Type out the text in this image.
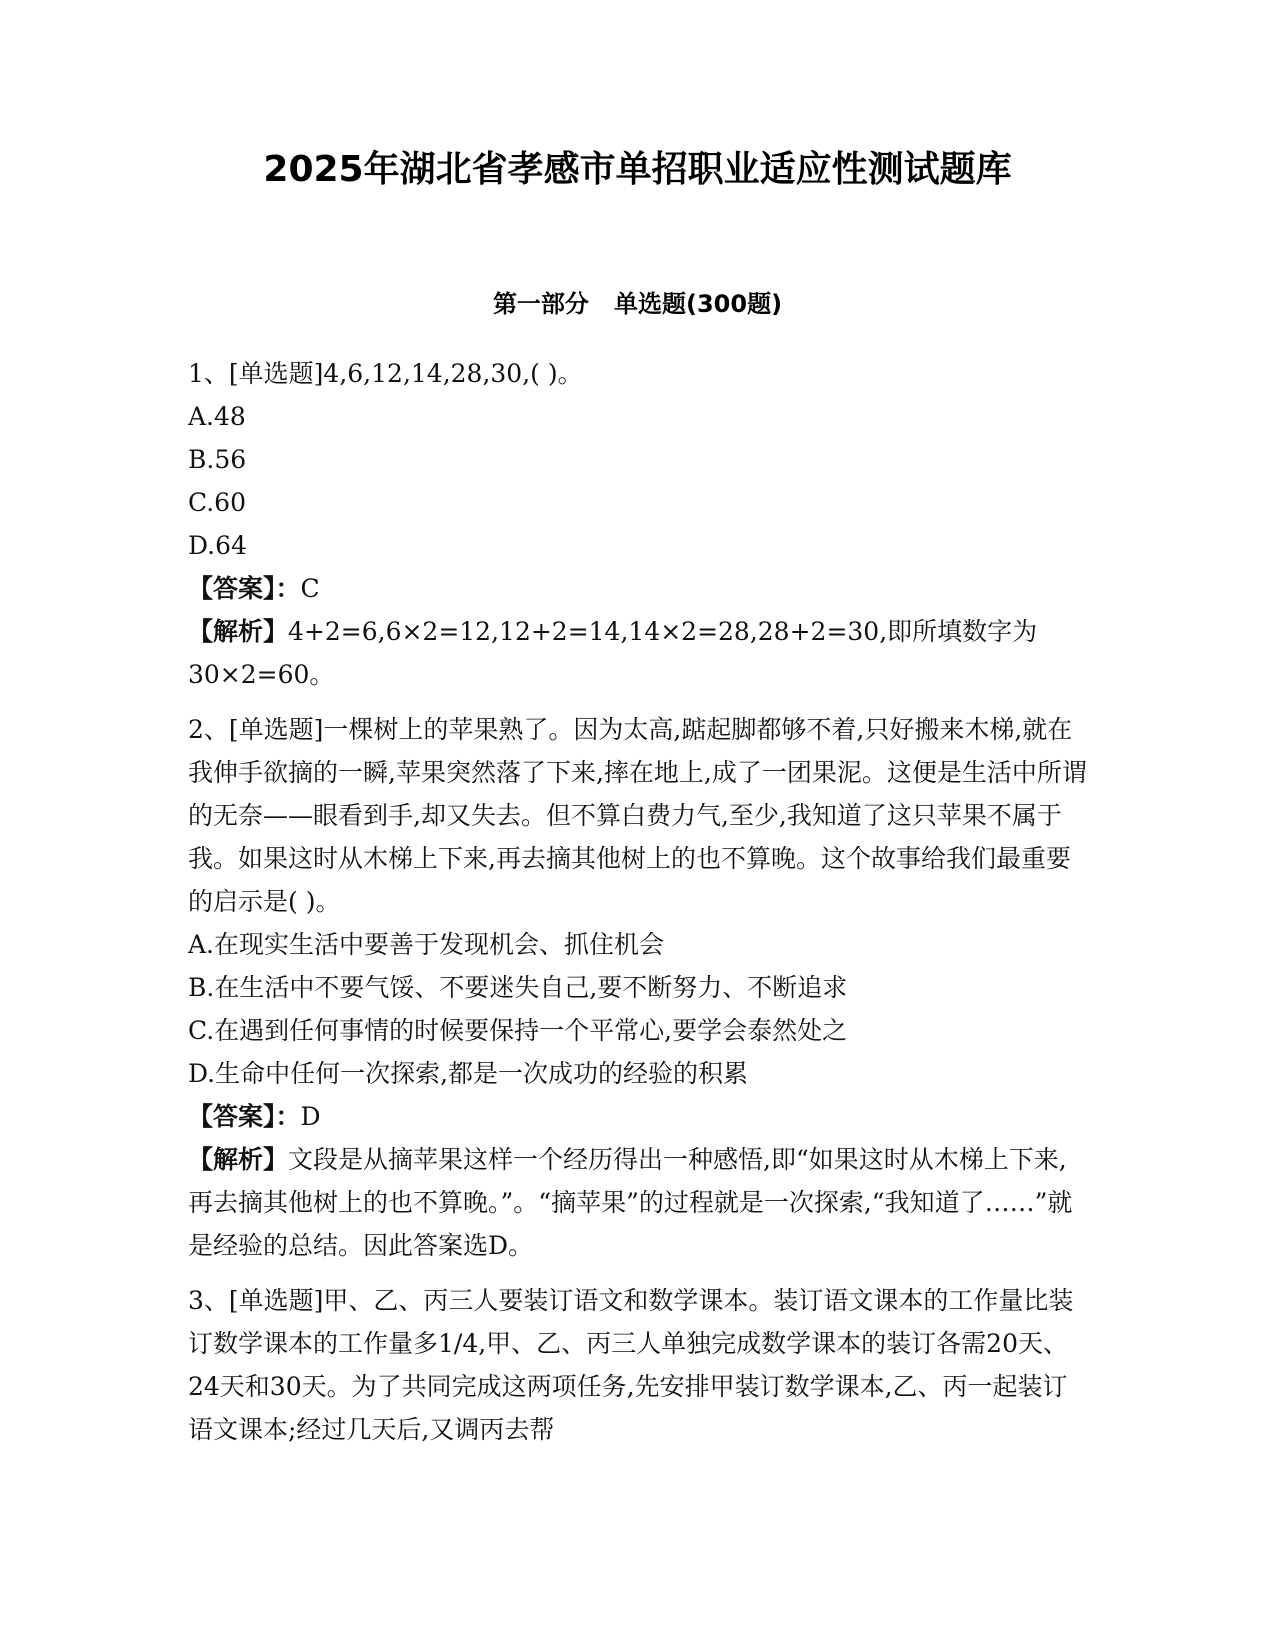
2025年湖北省孝感市单招职业适应性测试题库
第一部分   单选题(300题)

1、[单选题]4,6,12,14,28,30,( )。

A.48

B.56

C.60

D.64

【答案】：C

【解析】4+2=6,6×2=12,12+2=14,14×2=28,28+2=30,即所填数字为30×2=60。

2、[单选题]一棵树上的苹果熟了。因为太高,踮起脚都够不着,只好搬来木梯,就在我伸手欲摘的一瞬,苹果突然落了下来,摔在地上,成了一团果泥。这便是生活中所谓的无奈——眼看到手,却又失去。但不算白费力气,至少,我知道了这只苹果不属于我。如果这时从木梯上下来,再去摘其他树上的也不算晚。这个故事给我们最重要的启示是( )。

A.在现实生活中要善于发现机会、抓住机会

B.在生活中不要气馁、不要迷失自己,要不断努力、不断追求

C.在遇到任何事情的时候要保持一个平常心,要学会泰然处之

D.生命中任何一次探索,都是一次成功的经验的积累

【答案】：D

【解析】文段是从摘苹果这样一个经历得出一种感悟,即“如果这时从木梯上下来,再去摘其他树上的也不算晚。”。“摘苹果”的过程就是一次探索,“我知道了……”就是经验的总结。因此答案选D。

3、[单选题]甲、乙、丙三人要装订语文和数学课本。装订语文课本的工作量比装订数学课本的工作量多1/4,甲、乙、丙三人单独完成数学课本的装订各需20天、24天和30天。为了共同完成这两项任务,先安排甲装订数学课本,乙、丙一起装订语文课本;经过几天后,又调丙去帮
